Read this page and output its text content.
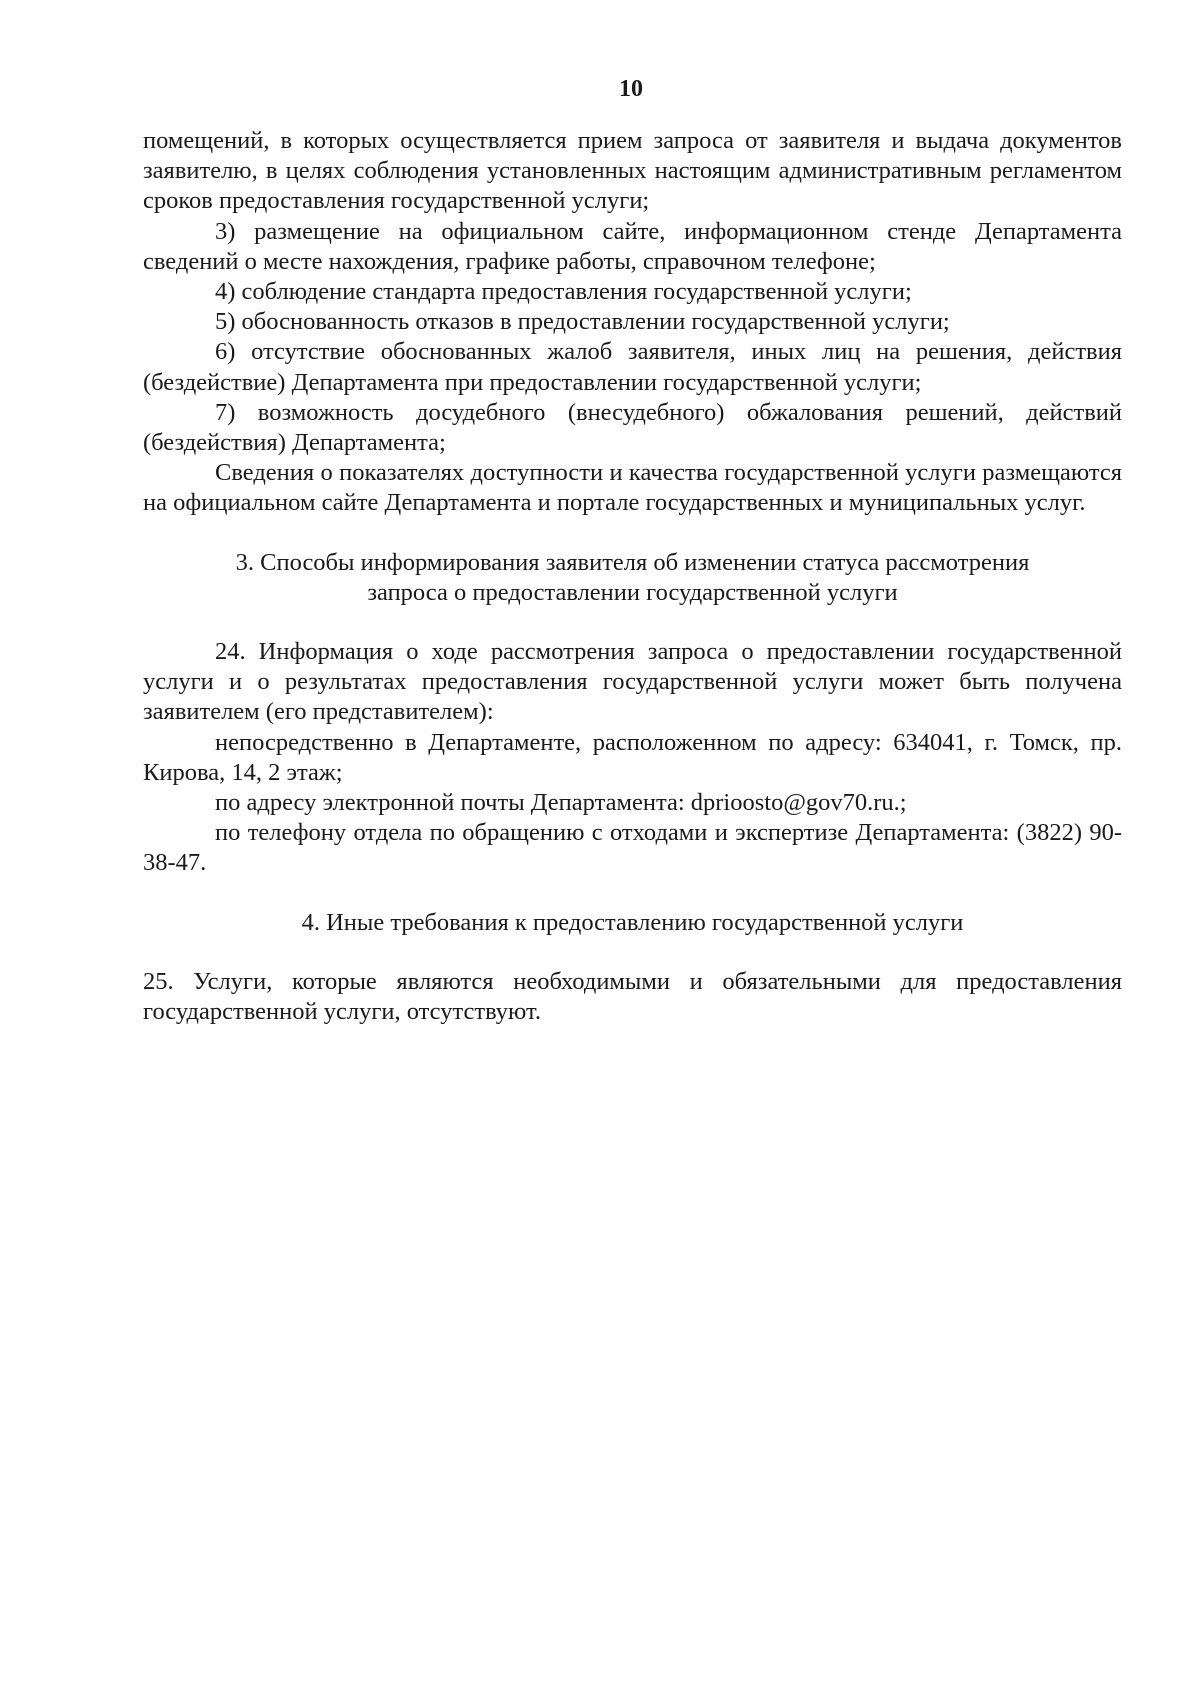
10

помещений, в которых осуществляется прием запроса от заявителя и выдача документов заявителю, в целях соблюдения установленных настоящим административным регламентом сроков предоставления государственной услуги;

3) размещение на официальном сайте, информационном стенде Департамента сведений о месте нахождения, графике работы, справочном телефоне;

4) соблюдение стандарта предоставления государственной услуги;

5) обоснованность отказов в предоставлении государственной услуги;

6) отсутствие обоснованных жалоб заявителя, иных лиц на решения, действия (бездействие) Департамента при предоставлении государственной услуги;

7) возможность досудебного (внесудебного) обжалования решений, действий (бездействия) Департамента;

Сведения о показателях доступности и качества государственной услуги размещаются на официальном сайте Департамента и портале государственных и муниципальных услуг.

3. Способы информирования заявителя об изменении статуса рассмотрения
запроса о предоставлении государственной услуги

24. Информация о ходе рассмотрения запроса о предоставлении государственной услуги и о результатах предоставления государственной услуги может быть получена заявителем (его представителем):

непосредственно в Департаменте, расположенном по адресу: 634041, г. Томск, пр. Кирова, 14, 2 этаж;

по адресу электронной почты Департамента: dprioosto@gov70.ru.;

по телефону отдела по обращению с отходами и экспертизе Департамента: (3822) 90-38-47.

4. Иные требования к предоставлению государственной услуги

25. Услуги, которые являются необходимыми и обязательными для предоставления государственной услуги, отсутствуют.
